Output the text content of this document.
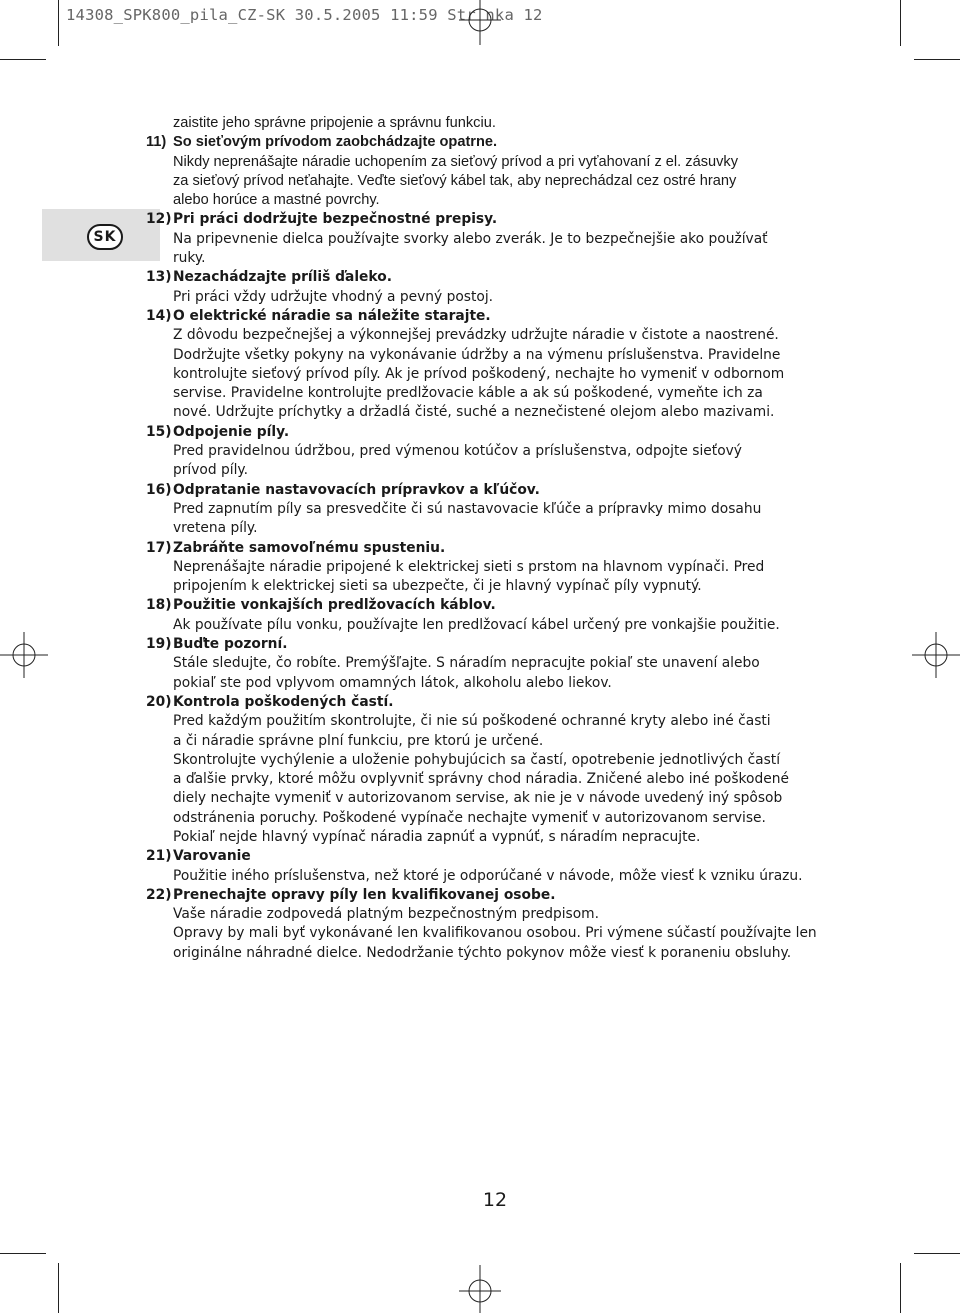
14308_SPK800_pila_CZ-SK 30.5.2005 11:59 Str nka 12

SK

zaistite jeho správne pripojenie a správnu funkciu.

11) So sieťovým prívodom zaobchádzajte opatrne.

Nikdy neprenášajte náradie uchopením za sieťový prívod a pri vyťahovaní z el. zásuvky

za sieťový prívod neťahajte. Veďte sieťový kábel tak, aby neprechádzal cez ostré hrany

alebo horúce a mastné povrchy.

12) Pri práci dodržujte bezpečnostné prepisy.

Na pripevnenie dielca používajte svorky alebo zverák. Je to bezpečnejšie ako používať

ruky.

13) Nezachádzajte príliš ďaleko.

Pri práci vždy udržujte vhodný a pevný postoj.

14) O elektrické náradie sa náležite starajte.

Z dôvodu bezpečnejšej a výkonnejšej prevádzky udržujte náradie v čistote a naostrené.

Dodržujte všetky pokyny na vykonávanie údržby a na výmenu príslušenstva. Pravidelne

kontrolujte sieťový prívod píly. Ak je prívod poškodený, nechajte ho vymeniť v odbornom

servise. Pravidelne kontrolujte predlžovacie káble a ak sú poškodené, vymeňte ich za

nové. Udržujte príchytky a držadlá čisté, suché a neznečistené olejom alebo mazivami.

15) Odpojenie píly.

Pred pravidelnou údržbou, pred výmenou kotúčov a príslušenstva, odpojte sieťový

prívod píly.

16) Odpratanie nastavovacích prípravkov a kľúčov.

Pred zapnutím píly sa presvedčite či sú nastavovacie kľúče a prípravky mimo dosahu

vretena píly.

17) Zabráňte samovoľnému spusteniu.

Neprenášajte náradie pripojené k elektrickej sieti s prstom na hlavnom vypínači. Pred

pripojením k elektrickej sieti sa ubezpečte, či je hlavný vypínač píly vypnutý.

18) Použitie vonkajších predlžovacích káblov.

Ak používate pílu vonku, používajte len predlžovací kábel určený pre vonkajšie použitie.

19) Buďte pozorní.

Stále sledujte, čo robíte. Premýšľajte. S náradím nepracujte pokiaľ ste unavení alebo

pokiaľ ste pod vplyvom omamných látok, alkoholu alebo liekov.

20) Kontrola poškodených častí.

Pred každým použitím skontrolujte, či nie sú poškodené ochranné kryty alebo iné časti

a či náradie správne plní funkciu, pre ktorú je určené.

Skontrolujte vychýlenie a uloženie pohybujúcich sa častí, opotrebenie jednotlivých častí

a ďalšie prvky, ktoré môžu ovplyvniť správny chod náradia. Zničené alebo iné poškodené

diely nechajte vymeniť v autorizovanom servise, ak nie je v návode uvedený iný spôsob

odstránenia poruchy. Poškodené vypínače nechajte vymeniť v autorizovanom servise.

Pokiaľ nejde hlavný vypínač náradia zapnúť a vypnúť, s náradím nepracujte.

21) Varovanie

Použitie iného príslušenstva, než ktoré je odporúčané v návode, môže viesť k vzniku úrazu.

22) Prenechajte opravy píly len kvalifikovanej osobe.

Vaše náradie zodpovedá platným bezpečnostným predpisom.

Opravy by mali byť vykonávané len kvalifikovanou osobou. Pri výmene súčastí používajte len

originálne náhradné dielce. Nedodržanie týchto pokynov môže viesť k poraneniu obsluhy.

12
